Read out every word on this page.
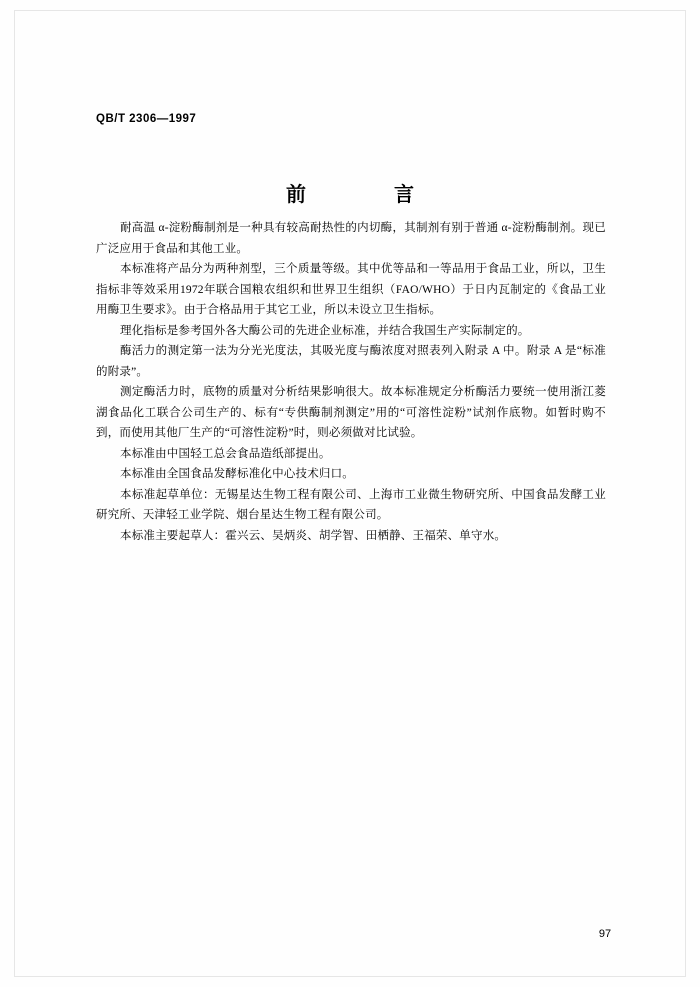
QB/T 2306—1997
前　　言

耐高温 α-淀粉酶制剂是一种具有较高耐热性的内切酶，其制剂有别于普通 α-淀粉酶制剂。现已广泛应用于食品和其他工业。

本标准将产品分为两种剂型，三个质量等级。其中优等品和一等品用于食品工业，所以，卫生指标非等效采用1972年联合国粮农组织和世界卫生组织（FAO/WHO）于日内瓦制定的《食品工业用酶卫生要求》。由于合格品用于其它工业，所以未设立卫生指标。

理化指标是参考国外各大酶公司的先进企业标准，并结合我国生产实际制定的。

酶活力的测定第一法为分光光度法，其吸光度与酶浓度对照表列入附录 A 中。附录 A 是“标准的附录”。

测定酶活力时，底物的质量对分析结果影响很大。故本标准规定分析酶活力要统一使用浙江菱湖食品化工联合公司生产的、标有“专供酶制剂测定”用的“可溶性淀粉”试剂作底物。如暂时购不到，而使用其他厂生产的“可溶性淀粉”时，则必须做对比试验。

本标准由中国轻工总会食品造纸部提出。

本标准由全国食品发酵标准化中心技术归口。

本标准起草单位：无锡星达生物工程有限公司、上海市工业微生物研究所、中国食品发酵工业研究所、天津轻工业学院、烟台星达生物工程有限公司。

本标准主要起草人：霍兴云、吴炳炎、胡学智、田栖静、王福荣、单守水。

97
